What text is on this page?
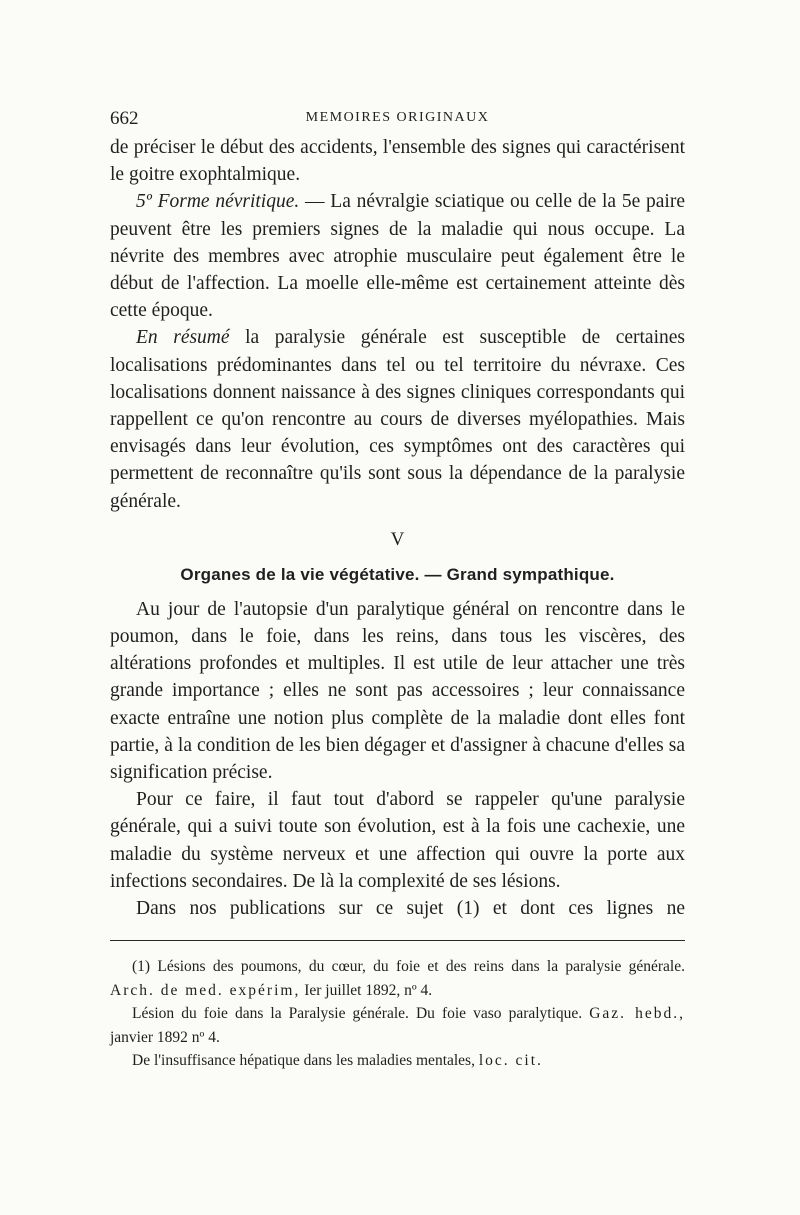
662	MEMOIRES ORIGINAUX

de préciser le début des accidents, l'ensemble des signes qui caractérisent le goitre exophtalmique.

5º Forme névritique. — La névralgie sciatique ou celle de la 5e paire peuvent être les premiers signes de la maladie qui nous occupe. La névrite des membres avec atrophie musculaire peut également être le début de l'affection. La moelle elle-même est certainement atteinte dès cette époque.

En résumé la paralysie générale est susceptible de certaines localisations prédominantes dans tel ou tel territoire du névraxe. Ces localisations donnent naissance à des signes cliniques correspondants qui rappellent ce qu'on rencontre au cours de diverses myélopathies. Mais envisagés dans leur évolution, ces symptômes ont des caractères qui permettent de reconnaître qu'ils sont sous la dépendance de la paralysie générale.

V
Organes de la vie végétative. — Grand sympathique.

Au jour de l'autopsie d'un paralytique général on rencontre dans le poumon, dans le foie, dans les reins, dans tous les viscères, des altérations profondes et multiples. Il est utile de leur attacher une très grande importance ; elles ne sont pas accessoires ; leur connaissance exacte entraîne une notion plus complète de la maladie dont elles font partie, à la condition de les bien dégager et d'assigner à chacune d'elles sa signification précise.

Pour ce faire, il faut tout d'abord se rappeler qu'une paralysie générale, qui a suivi toute son évolution, est à la fois une cachexie, une maladie du système nerveux et une affection qui ouvre la porte aux infections secondaires. De là la complexité de ses lésions.

Dans nos publications sur ce sujet (1) et dont ces lignes ne

(1) Lésions des poumons, du cœur, du foie et des reins dans la paralysie générale. Arch. de med. expérim, Ier juillet 1892, nº 4.

Lésion du foie dans la Paralysie générale. Du foie vaso paralytique. Gaz. hebd., janvier 1892 nº 4.

De l'insuffisance hépatique dans les maladies mentales, loc. cit.
